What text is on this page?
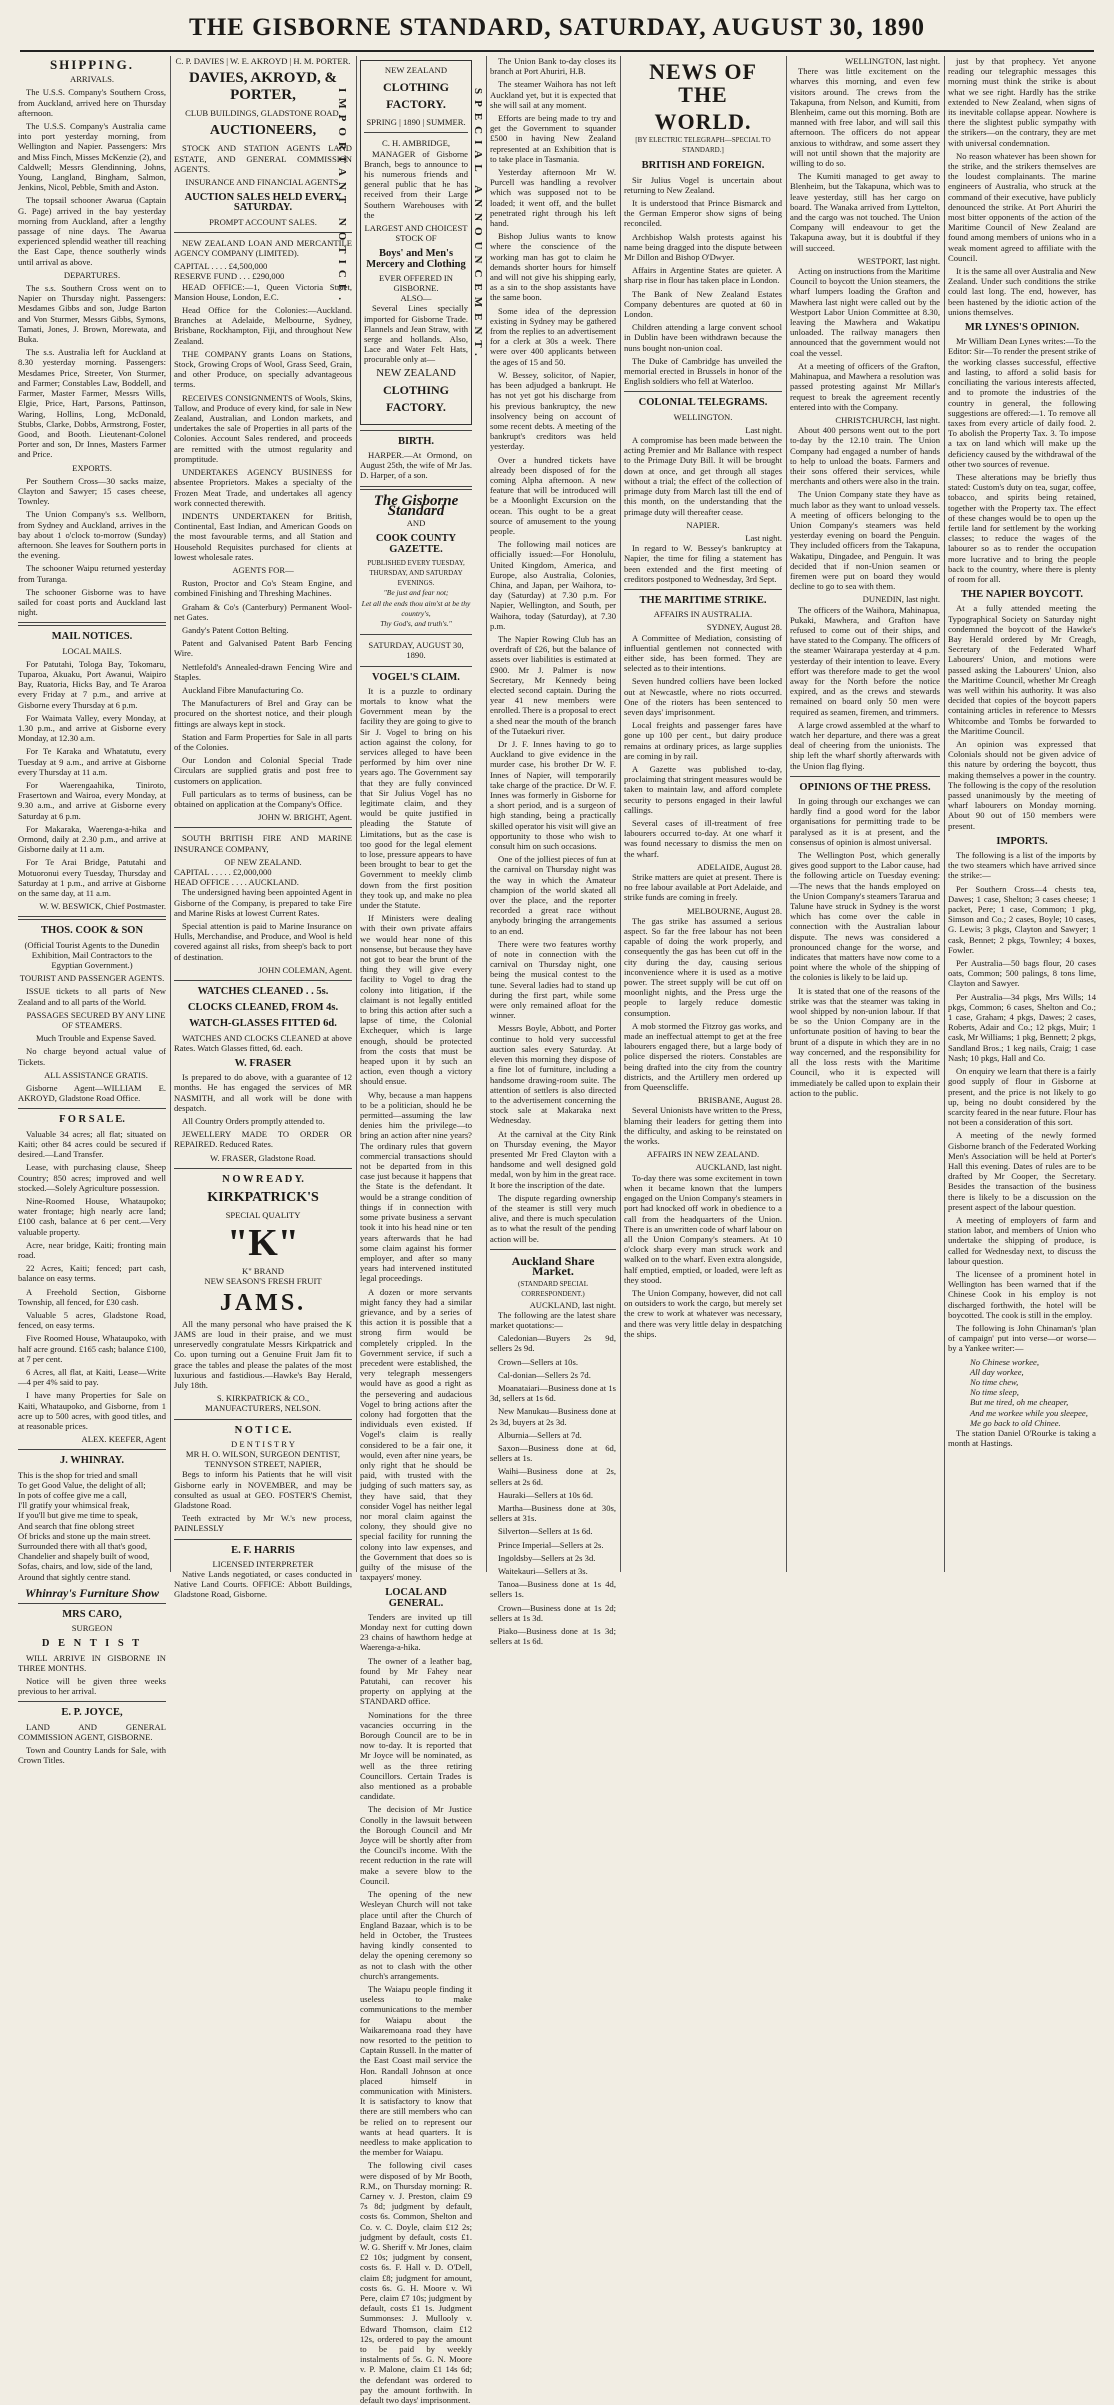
THE GISBORNE STANDARD, SATURDAY, AUGUST 30, 1890
SHIPPING.
ARRIVALS.

The U.S.S. Company's Southern Cross, from Auckland, arrived here on Thursday afternoon.

The U.S.S. Company's Australia came into port yesterday morning, from Wellington and Napier. Passengers: Mrs and Miss Finch, Misses McKenzie (2), and Caldwell; Messrs Glendinning, Johns, Young, Langland, Bingham, Salmon, Jenkins, Nicol, Pebble, Smith and Aston.

The topsail schooner Awarua (Captain G. Page) arrived in the bay yesterday morning from Auckland, after a lengthy passage of nine days. The Awarua experienced splendid weather till reaching the East Cape, thence southerly winds until arrival as above.

DEPARTURES.

The s.s. Southern Cross went on to Napier on Thursday night. Passengers: Mesdames Gibbs and son, Judge Barton and Von Sturmer, Messrs Gibbs, Symons, Tamati, Jones, J. Brown, Morewata, and Buka.

The s.s. Australia left for Auckland at 8.30 yesterday morning. Passengers: Mesdames Price, Streeter, Von Sturmer, and Farmer; Constables Law, Boddell, and Farmer, Master Farmer, Messrs Wills, Elgie, Price, Hart, Parsons, Pattinson, Waring, Hollins, Long, McDonald, Stubbs, Clarke, Dobbs, Armstrong, Foster, Good, and Booth. Lieutenant-Colonel Porter and son, Dr Innes, Masters Farmer and Price.

EXPORTS.

Per Southern Cross—30 sacks maize, Clayton and Sawyer; 15 cases cheese, Townley.

The Union Company's s.s. Wellborn, from Sydney and Auckland, arrives in the bay about 1 o'clock to-morrow (Sunday) afternoon. She leaves for Southern ports in the evening.

The schooner Waipu returned yesterday from Turanga.

The schooner Gisborne was to have sailed for coast ports and Auckland last night.

MAIL NOTICES.
LOCAL MAILS.

For Patutahi, Tologa Bay, Tokomaru, Tuparoa, Akuaku, Port Awanui, Waipiro Bay, Ruatoria, Hicks Bay, and Te Araroa every Friday at 7 p.m., and arrive at Gisborne every Thursday at 6 p.m.

For Waimata Valley, every Monday, at 1.30 p.m., and arrive at Gisborne every Monday, at 12.30 a.m.

For Te Karaka and Whatatutu, every Tuesday at 9 a.m., and arrive at Gisborne every Thursday at 11 a.m.

For Waerengaahika, Tiniroto, Frasertown and Wairoa, every Monday, at 9.30 a.m., and arrive at Gisborne every Saturday at 6 p.m.

For Makaraka, Waerenga-a-hika and Ormond, daily at 2.30 p.m., and arrive at Gisborne daily at 11 a.m.

For Te Arai Bridge, Patutahi and Motuoronui every Tuesday, Thursday and Saturday at 1 p.m., and arrive at Gisborne on the same day, at 11 a.m.

W. W. BESWICK, Chief Postmaster.
THOS. COOK & SON
(Official Tourist Agents to the Dunedin Exhibition, Mail Contractors to the Egyptian Government.)
TOURIST AND PASSENGER AGENTS.

ISSUE tickets to all parts of New Zealand and to all parts of the World.

PASSAGES SECURED BY ANY LINE OF STEAMERS.

Much Trouble and Expense Saved.

No charge beyond actual value of Tickets.

ALL ASSISTANCE GRATIS.

Gisborne Agent—WILLIAM E. AKROYD, Gladstone Road Office.

F O R S A L E.

Valuable 34 acres; all flat; situated on Kaiti; other 84 acres could be secured if desired.—Land Transfer.

Lease, with purchasing clause, Sheep Country; 850 acres; improved and well stocked.—Solely Agriculture possession.

Nine-Roomed House, Whataupoko; water frontage; high nearly acre land; £100 cash, balance at 6 per cent.—Very valuable property.

Acre, near bridge, Kaiti; fronting main road.

22 Acres, Kaiti; fenced; part cash, balance on easy terms.

A Freehold Section, Gisborne Township, all fenced, for £30 cash.

Valuable 5 acres, Gladstone Road, fenced, on easy terms.

Five Roomed House, Whataupoko, with half acre ground. £165 cash; balance £100, at 7 per cent.

6 Acres, all flat, at Kaiti, Lease—Write—4 per 4% said to pay.

I have many Properties for Sale on Kaiti, Whataupoko, and Gisborne, from 1 acre up to 500 acres, with good titles, and at reasonable prices.

ALEX. KEEFER, Agent
J. WHINRAY.
This is the shop for tried and small
To get Good Value, the delight of all;
In pots of coffee give me a call,
I'll gratify your whimsical freak,
If you'll but give me time to speak,
And search that fine oblong street
Of bricks and stone up the main street.
Surrounded there with all that's good,
Chandelier and shapely built of wood,
Sofas, chairs, and low, side of the land,
Around that sightly centre stand.
Whinray's Furniture Show
MRS CARO,
SURGEON
D E N T I S T

WILL ARRIVE IN GISBORNE IN THREE MONTHS.

Notice will be given three weeks previous to her arrival.

E. P. JOYCE,

LAND AND GENERAL COMMISSION AGENT, GISBORNE.

Town and Country Lands for Sale, with Crown Titles.

C. P. DAVIES | W. E. AKROYD | H. M. PORTER.
DAVIES, AKROYD, & PORTER,
CLUB BUILDINGS, GLADSTONE ROAD,
AUCTIONEERS,

STOCK AND STATION AGENTS LAND ESTATE, AND GENERAL COMMISSION AGENTS.

INSURANCE AND FINANCIAL AGENTS.
AUCTION SALES HELD EVERY SATURDAY.
PROMPT ACCOUNT SALES.

NEW ZEALAND LOAN AND MERCANTILE AGENCY COMPANY (LIMITED).

CAPITAL . . . . £4,500,000
RESERVE FUND . . . £290,000

HEAD OFFICE:—1, Queen Victoria Street, Mansion House, London, E.C.

Head Office for the Colonies:—Auckland. Branches at Adelaide, Melbourne, Sydney, Brisbane, Rockhampton, Fiji, and throughout New Zealand.

THE COMPANY grants Loans on Stations, Stock, Growing Crops of Wool, Grass Seed, Grain, and other Produce, on specially advantageous terms.

RECEIVES CONSIGNMENTS of Wools, Skins, Tallow, and Produce of every kind, for sale in New Zealand, Australian, and London markets, and undertakes the sale of Properties in all parts of the Colonies. Account Sales rendered, and proceeds are remitted with the utmost regularity and promptitude.

UNDERTAKES AGENCY BUSINESS for absentee Proprietors. Makes a specialty of the Frozen Meat Trade, and undertakes all agency work connected therewith.

INDENTS UNDERTAKEN for British, Continental, East Indian, and American Goods on the most favourable terms, and all Station and Household Requisites purchased for clients at lowest wholesale rates.

AGENTS FOR—

Ruston, Proctor and Co's Steam Engine, and combined Finishing and Threshing Machines.

Graham & Co's (Canterbury) Permanent Wool-net Gates.

Gandy's Patent Cotton Belting.

Patent and Galvanised Patent Barb Fencing Wire.

Nettlefold's Annealed-drawn Fencing Wire and Staples.

Auckland Fibre Manufacturing Co.

The Manufacturers of Brel and Gray can be procured on the shortest notice, and their plough fittings are always kept in stock.

Station and Farm Properties for Sale in all parts of the Colonies.

Our London and Colonial Special Trade Circulars are supplied gratis and post free to customers on application.

Full particulars as to terms of business, can be obtained on application at the Company's Office.

JOHN W. BRIGHT, Agent.

SOUTH BRITISH FIRE AND MARINE INSURANCE COMPANY,

OF NEW ZEALAND.
CAPITAL . . . . . £2,000,000
HEAD OFFICE . . . . AUCKLAND.

The undersigned having been appointed Agent in Gisborne of the Company, is prepared to take Fire and Marine Risks at lowest Current Rates.

Special attention is paid to Marine Insurance on Hulls, Merchandise, and Produce, and Wool is held covered against all risks, from sheep's back to port of destination.

JOHN COLEMAN, Agent.
WATCHES CLEANED . . 5s.
CLOCKS CLEANED, FROM 4s.
WATCH-GLASSES FITTED 6d.

WATCHES AND CLOCKS CLEANED at above Rates. Watch Glasses fitted, 6d. each.

W. FRASER

Is prepared to do above, with a guarantee of 12 months. He has engaged the services of MR NASMITH, and all work will be done with despatch.

All Country Orders promptly attended to.

JEWELLERY MADE TO ORDER OR REPAIRED. Reduced Rates.

W. FRASER, Gladstone Road.
N O W R E A D Y.
KIRKPATRICK'S
SPECIAL QUALITY
"K"
K" BRAND
NEW SEASON'S FRESH FRUIT
JAMS.

All the many personal who have praised the K JAMS are loud in their praise, and we must unreservedly congratulate Messrs Kirkpatrick and Co. upon turning out a Genuine Fruit Jam fit to grace the tables and please the palates of the most luxurious and fastidious.—Hawke's Bay Herald, July 18th.

S. KIRKPATRICK & CO.,
MANUFACTURERS, NELSON.
N O T I C E.
D E N T I S T R Y
MR H. O. WILSON, SURGEON DENTIST,
TENNYSON STREET, NAPIER,

Begs to inform his Patients that he will visit Gisborne early in NOVEMBER, and may be consulted as usual at GEO. FOSTER'S Chemist, Gladstone Road.

Teeth extracted by Mr W.'s new process, PAINLESSLY

E. F. HARRIS
LICENSED INTERPRETER

Native Lands negotiated, or cases conducted in Native Land Courts. OFFICE: Abbott Buildings, Gladstone Road, Gisborne.

NEW ZEALAND
CLOTHING FACTORY.
SPRING | 1890 | SUMMER.
C. H. AMBRIDGE,

MANAGER of Gisborne Branch, begs to announce to his numerous friends and general public that he has received from their Large Southern Warehouses with the

LARGEST AND CHOICEST STOCK OF
Boys' and Men's Mercery and Clothing
EVER OFFERED IN GISBORNE.
ALSO—

Several Lines specially imported for Gisborne Trade. Flannels and Jean Straw, with serge and hollands. Also, Lace and Water Felt Hats, procurable only at—

NEW ZEALAND
CLOTHING FACTORY.
BIRTH.

HARPER.—At Ormond, on August 25th, the wife of Mr Jas. D. Harper, of a son.

The Gisborne Standard
AND
COOK COUNTY GAZETTE.
PUBLISHED EVERY TUESDAY, THURSDAY, AND SATURDAY EVENINGS.
"Be just and fear not;
Let all the ends thou aim'st at be thy country's,
Thy God's, and truth's."
SATURDAY, AUGUST 30, 1890.
VOGEL'S CLAIM.

It is a puzzle to ordinary mortals to know what the Government mean by the facility they are going to give to Sir J. Vogel to bring on his action against the colony, for services alleged to have been performed by him over nine years ago. The Government say that they are fully convinced that Sir Julius Vogel has no legitimate claim, and they would be quite justified in pleading the Statute of Limitations, but as the case is too good for the legal element to lose, pressure appears to have been brought to bear to get the Government to meekly climb down from the first position they took up, and make no plea under the Statute.

If Ministers were dealing with their own private affairs we would hear none of this nonsense, but because they have not got to bear the brunt of the thing they will give every facility to Vogel to drag the colony into litigation, if the claimant is not legally entitled to bring this action after such a lapse of time, the Colonial Exchequer, which is large enough, should be protected from the costs that must be heaped upon it by such an action, even though a victory should ensue.

Why, because a man happens to be a politician, should he be permitted—assuming the law denies him the privilege—to bring an action after nine years? The ordinary rules that govern commercial transactions should not be departed from in this case just because it happens that the State is the defendant. It would be a strange condition of things if in connection with some private business a servant took it into his head nine or ten years afterwards that he had some claim against his former employer, and after so many years had intervened instituted legal proceedings.

A dozen or more servants might fancy they had a similar grievance, and by a series of this action it is possible that a strong firm would be completely crippled. In the Government service, if such a precedent were established, the very telegraph messengers would have as good a right as the persevering and audacious Vogel to bring actions after the colony had forgotten that the individuals even existed. If Vogel's claim is really considered to be a fair one, it would, even after nine years, be only right that he should be paid, with trusted with the judging of such matters say, as they have said, that they consider Vogel has neither legal nor moral claim against the colony, they should give no special facility for running the colony into law expenses, and the Government that does so is guilty of the misuse of the taxpayers' money.

LOCAL AND GENERAL.

Tenders are invited up till Monday next for cutting down 23 chains of hawthorn hedge at Waerenga-a-hika.

The owner of a leather bag, found by Mr Fahey near Patutahi, can recover his property on applying at the STANDARD office.

Nominations for the three vacancies occurring in the Borough Council are to be in now to-day. It is reported that Mr Joyce will be nominated, as well as the three retiring Councillors. Certain Trades is also mentioned as a probable candidate.

The decision of Mr Justice Conolly in the lawsuit between the Borough Council and Mr Joyce will be shortly after from the Council's income. With the recent reduction in the rate will make a severe blow to the Council.

The opening of the new Wesleyan Church will not take place until after the Church of England Bazaar, which is to be held in October, the Trustees having kindly consented to delay the opening ceremony so as not to clash with the other church's arrangements.

The Waiapu people finding it useless to make communications to the member for Waiapu about the Waikaremoana road they have now resorted to the petition to Captain Russell. In the matter of the East Coast mail service the Hon. Randall Johnson at once placed himself in communication with Ministers. It is satisfactory to know that there are still members who can be relied on to represent our wants at head quarters. It is needless to make application to the member for Waiapu.

The following civil cases were disposed of by Mr Booth, R.M., on Thursday morning: R. Carney v. J. Preston, claim £9 7s 8d; judgment by default, costs 6s. Common, Shelton and Co. v. C. Doyle, claim £12 2s; judgment by default, costs £1. W. G. Sheriff v. Mr Jones, claim £2 10s; judgment by consent, costs 6s. F. Hall v. D. O'Dell, claim £8; judgment for amount, costs 6s. G. H. Moore v. Wi Pere, claim £7 10s; judgment by default, costs £1 1s. Judgment Summonses: J. Mullooly v. Edward Thomson, claim £12 12s, ordered to pay the amount to be paid by weekly instalments of 5s. G. N. Moore v. P. Malone, claim £1 14s 6d; the defendant was ordered to pay the amount forthwith. In default two days' imprisonment.

SPECIAL ANNOUNCEMENT.
IMPORTANT NOTICE.

The Union Bank to-day closes its branch at Port Ahuriri, H.B.

The steamer Waihora has not left Auckland yet, but it is expected that she will sail at any moment.

Efforts are being made to try and get the Government to squander £500 in having New Zealand represented at an Exhibition that is to take place in Tasmania.

Yesterday afternoon Mr W. Purcell was handling a revolver which was supposed not to be loaded; it went off, and the bullet penetrated right through his left hand.

Bishop Julius wants to know where the conscience of the working man has got to claim he demands shorter hours for himself and will not give his shipping early, as a sin to the shop assistants have the same boon.

Some idea of the depression existing in Sydney may be gathered from the replies to an advertisement for a clerk at 30s a week. There were over 400 applicants between the ages of 15 and 50.

W. Bessey, solicitor, of Napier, has been adjudged a bankrupt. He has not yet got his discharge from his previous bankruptcy, the new insolvency being on account of some recent debts. A meeting of the bankrupt's creditors was held yesterday.

Over a hundred tickets have already been disposed of for the coming Alpha afternoon. A new feature that will be introduced will be a Moonlight Excursion on the ocean. This ought to be a great source of amusement to the young people.

The following mail notices are officially issued:—For Honolulu, United Kingdom, America, and Europe, also Australia, Colonies, China, and Japan, per Waihora, to-day (Saturday) at 7.30 p.m. For Napier, Wellington, and South, per Waihora, today (Saturday), at 7.30 p.m.

The Napier Rowing Club has an overdraft of £26, but the balance of assets over liabilities is estimated at £900. Mr J. Palmer is now Secretary, Mr Kennedy being elected second captain. During the year 41 new members were enrolled. There is a proposal to erect a shed near the mouth of the branch of the Tutaekuri river.

Dr J. F. Innes having to go to Auckland to give evidence in the murder case, his brother Dr W. F. Innes of Napier, will temporarily take charge of the practice. Dr W. F. Innes was formerly in Gisborne for a short period, and is a surgeon of high standing, being a practically skilled operator his visit will give an opportunity to those who wish to consult him on such occasions.

One of the jolliest pieces of fun at the carnival on Thursday night was the way in which the Amateur champion of the world skated all over the place, and the reporter recorded a great race without anybody bringing the arrangements to an end.

There were two features worthy of note in connection with the carnival on Thursday night, one being the musical contest to the tune. Several ladies had to stand up during the first part, while some were only remained afloat for the winner.

Messrs Boyle, Abbott, and Porter continue to hold very successful auction sales every Saturday. At eleven this morning they dispose of a fine lot of furniture, including a handsome drawing-room suite. The attention of settlers is also directed to the advertisement concerning the stock sale at Makaraka next Wednesday.

At the carnival at the City Rink on Thursday evening, the Mayor presented Mr Fred Clayton with a handsome and well designed gold medal, won by him in the great race. It bore the inscription of the date.

The dispute regarding ownership of the steamer is still very much alive, and there is much speculation as to what the result of the pending action will be.

Auckland Share Market.
(STANDARD SPECIAL CORRESPONDENT.)
AUCKLAND, last night.

The following are the latest share market quotations:—

Caledonian—Buyers 2s 9d, sellers 2s 9d.

Crown—Sellers at 10s.

Cal-donian—Sellers 2s 7d.

Moanataiari—Business done at 1s 3d, sellers at 1s 6d.

New Manukau—Business done at 2s 3d, buyers at 2s 3d.

Alburnia—Sellers at 7d.

Saxon—Business done at 6d, sellers at 1s.

Waihi—Business done at 2s, sellers at 2s 6d.

Hauraki—Sellers at 10s 6d.

Martha—Business done at 30s, sellers at 31s.

Silverton—Sellers at 1s 6d.

Prince Imperial—Sellers at 2s.

Ingoldsby—Sellers at 2s 3d.

Waitekauri—Sellers at 3s.

Tanoa—Business done at 1s 4d, sellers 1s.

Crown—Business done at 1s 2d; sellers at 1s 3d.

Piako—Business done at 1s 3d; sellers at 1s 6d.

NEWS OF THE
WORLD.
[BY ELECTRIC TELEGRAPH—SPECIAL TO STANDARD.]
BRITISH AND FOREIGN.

Sir Julius Vogel is uncertain about returning to New Zealand.

It is understood that Prince Bismarck and the German Emperor show signs of being reconciled.

Archbishop Walsh protests against his name being dragged into the dispute between Mr Dillon and Bishop O'Dwyer.

Affairs in Argentine States are quieter. A sharp rise in flour has taken place in London.

The Bank of New Zealand Estates Company debentures are quoted at 60 in London.

Children attending a large convent school in Dublin have been withdrawn because the nuns bought non-union coal.

The Duke of Cambridge has unveiled the memorial erected in Brussels in honor of the English soldiers who fell at Waterloo.

COLONIAL TELEGRAMS.
WELLINGTON.
Last night.

A compromise has been made between the acting Premier and Mr Ballance with respect to the Primage Duty Bill. It will be brought down at once, and get through all stages without a trial; the effect of the collection of primage duty from March last till the end of this month, on the understanding that the primage duty will thereafter cease.

NAPIER.
Last night.

In regard to W. Bessey's bankruptcy at Napier, the time for filing a statement has been extended and the first meeting of creditors postponed to Wednesday, 3rd Sept.

THE MARITIME STRIKE.
AFFAIRS IN AUSTRALIA.
SYDNEY, August 28.

A Committee of Mediation, consisting of influential gentlemen not connected with either side, has been formed. They are selected as to their intentions.

Seven hundred colliers have been locked out at Newcastle, where no riots occurred. One of the rioters has been sentenced to seven days' imprisonment.

Local freights and passenger fares have gone up 100 per cent., but dairy produce remains at ordinary prices, as large supplies are coming in by rail.

A Gazette was published to-day, proclaiming that stringent measures would be taken to maintain law, and afford complete security to persons engaged in their lawful callings.

Several cases of ill-treatment of free labourers occurred to-day. At one wharf it was found necessary to dismiss the men on the wharf.

ADELAIDE, August 28.

Strike matters are quiet at present. There is no free labour available at Port Adelaide, and strike funds are coming in freely.

MELBOURNE, August 28.

The gas strike has assumed a serious aspect. So far the free labour has not been capable of doing the work properly, and consequently the gas has been cut off in the city during the day, causing serious inconvenience where it is used as a motive power. The street supply will be cut off on moonlight nights, and the Press urge the people to largely reduce domestic consumption.

A mob stormed the Fitzroy gas works, and made an ineffectual attempt to get at the free labourers engaged there, but a large body of police dispersed the rioters. Constables are being drafted into the city from the country districts, and the Artillery men ordered up from Queenscliffe.

BRISBANE, August 28.

Several Unionists have written to the Press, blaming their leaders for getting them into the difficulty, and asking to be reinstated on the works.

AFFAIRS IN NEW ZEALAND.
AUCKLAND, last night.

To-day there was some excitement in town when it became known that the lumpers engaged on the Union Company's steamers in port had knocked off work in obedience to a call from the headquarters of the Union. There is an unwritten code of wharf labour on all the Union Company's steamers. At 10 o'clock sharp every man struck work and walked on to the wharf. Even extra alongside, half emptied, emptied, or loaded, were left as they stood.

The Union Company, however, did not call on outsiders to work the cargo, but merely set the crew to work at whatever was necessary, and there was very little delay in despatching the ships.

WELLINGTON, last night.

There was little excitement on the wharves this morning, and even few visitors around. The crews from the Takapuna, from Nelson, and Kumiti, from Blenheim, came out this morning. Both are manned with free labor, and will sail this afternoon. The officers do not appear anxious to withdraw, and some assert they will not until shown that the majority are willing to do so.

The Kumiti managed to get away to Blenheim, but the Takapuna, which was to leave yesterday, still has her cargo on board. The Wanaka arrived from Lyttelton, and the cargo was not touched. The Union Company will endeavour to get the Takapuna away, but it is doubtful if they will succeed.

WESTPORT, last night.

Acting on instructions from the Maritime Council to boycott the Union steamers, the wharf lumpers loading the Grafton and Mawhera last night were called out by the Westport Labor Union Committee at 8.30, leaving the Mawhera and Wakatipu unloaded. The railway managers then announced that the government would not coal the vessel.

At a meeting of officers of the Grafton, Mahinapua, and Mawhera a resolution was passed protesting against Mr Millar's request to break the agreement recently entered into with the Company.

CHRISTCHURCH, last night.

About 400 persons went out to the port to-day by the 12.10 train. The Union Company had engaged a number of hands to help to unload the boats. Farmers and their sons offered their services, while merchants and others were also in the train.

The Union Company state they have as much labor as they want to unload vessels. A meeting of officers belonging to the Union Company's steamers was held yesterday evening on board the Penguin. They included officers from the Takapuna, Wakatipu, Dingadee, and Penguin. It was decided that if non-Union seamen or firemen were put on board they would decline to go to sea with them.

DUNEDIN, last night.

The officers of the Waihora, Mahinapua, Pukaki, Mawhera, and Grafton have refused to come out of their ships, and have stated to the Company. The officers of the steamer Wairarapa yesterday at 4 p.m. yesterday of their intention to leave. Every effort was therefore made to get the wool away for the North before the notice expired, and as the crews and stewards remained on board only 50 men were required as seamen, firemen, and trimmers.

A large crowd assembled at the wharf to watch her departure, and there was a great deal of cheering from the unionists. The ship left the wharf shortly afterwards with the Union flag flying.

OPINIONS OF THE PRESS.

In going through our exchanges we can hardly find a good word for the labor organisations for permitting trade to be paralysed as it is at present, and the consensus of opinion is almost universal.

The Wellington Post, which generally gives good support to the Labor cause, had the following article on Tuesday evening:—The news that the hands employed on the Union Company's steamers Tararua and Talune have struck in Sydney is the worst which has come over the cable in connection with the Australian labour dispute. The news was considered a pronounced change for the worse, and indicates that matters have now come to a point where the whole of the shipping of the colonies is likely to be laid up.

It is stated that one of the reasons of the strike was that the steamer was taking in wool shipped by non-union labour. If that be so the Union Company are in the unfortunate position of having to bear the brunt of a dispute in which they are in no way concerned, and the responsibility for all the loss rests with the Maritime Council, who it is expected will immediately be called upon to explain their action to the public.

just by that prophecy. Yet anyone reading our telegraphic messages this morning must think the strike is about what we see right. Hardly has the strike extended to New Zealand, when signs of its inevitable collapse appear. Nowhere is there the slightest public sympathy with the strikers—on the contrary, they are met with universal condemnation.

No reason whatever has been shown for the strike, and the strikers themselves are the loudest complainants. The marine engineers of Australia, who struck at the command of their executive, have publicly denounced the strike. At Port Ahuriri the most bitter opponents of the action of the Maritime Council of New Zealand are found among members of unions who in a weak moment agreed to affiliate with the Council.

It is the same all over Australia and New Zealand. Under such conditions the strike could last long. The end, however, has been hastened by the idiotic action of the unions themselves.

MR LYNES'S OPINION.

Mr William Dean Lynes writes:—To the Editor: Sir—To render the present strike of the working classes successful, effective and lasting, to afford a solid basis for conciliating the various interests affected, and to promote the industries of the country in general, the following suggestions are offered:—1. To remove all taxes from every article of daily food. 2. To abolish the Property Tax. 3. To impose a tax on land which will make up the deficiency caused by the withdrawal of the other two sources of revenue.

These alterations may be briefly thus stated: Custom's duty on tea, sugar, coffee, tobacco, and spirits being retained, together with the Property tax. The effect of these changes would be to open up the fertile land for settlement by the working classes; to reduce the wages of the labourer so as to render the occupation more lucrative and to bring the people back to the country, where there is plenty of room for all.

THE NAPIER BOYCOTT.

At a fully attended meeting the Typographical Society on Saturday night condemned the boycott of the Hawke's Bay Herald ordered by Mr Creagh, Secretary of the Federated Wharf Labourers' Union, and motions were passed asking the Labourers' Union, also the Maritime Council, whether Mr Creagh was well within his authority. It was also decided that copies of the boycott papers containing articles in reference to Messrs Whitcombe and Tombs be forwarded to the Maritime Council.

An opinion was expressed that Colonials should not be given advice of this nature by ordering the boycott, thus making themselves a power in the country. The following is the copy of the resolution passed unanimously by the meeting of wharf labourers on Monday morning. About 90 out of 150 members were present.

IMPORTS.

The following is a list of the imports by the two steamers which have arrived since the strike:—

Per Southern Cross—4 chests tea, Dawes; 1 case, Shelton; 3 cases cheese; 1 packet, Pere; 1 case, Common; 1 pkg, Simson and Co.; 2 cases, Boyle; 10 cases, G. Lewis; 3 pkgs, Clayton and Sawyer; 1 cask, Bennet; 2 pkgs, Townley; 4 boxes, Fowler.

Per Australia—50 bags flour, 20 cases oats, Common; 500 palings, 8 tons lime, Clayton and Sawyer.

Per Australia—34 pkgs, Mrs Wills; 14 pkgs, Common; 6 cases, Shelton and Co.; 1 case, Graham; 4 pkgs, Dawes; 2 cases, Roberts, Adair and Co.; 12 pkgs, Muir; 1 cask, Mr Williams; 1 pkg, Bennett; 2 pkgs, Sandland Bros.; 1 keg nails, Craig; 1 case Nash; 10 pkgs, Hall and Co.

On enquiry we learn that there is a fairly good supply of flour in Gisborne at present, and the price is not likely to go up, being no doubt considered by the scarcity feared in the near future. Flour has not been a consideration of this sort.

A meeting of the newly formed Gisborne branch of the Federated Working Men's Association will be held at Porter's Hall this evening. Dates of rules are to be drafted by Mr Cooper, the Secretary. Besides the transaction of the business there is likely to be a discussion on the present aspect of the labour question.

A meeting of employers of farm and station labor, and members of Union who undertake the shipping of produce, is called for Wednesday next, to discuss the labour question.

The licensee of a prominent hotel in Wellington has been warned that if the Chinese Cook in his employ is not discharged forthwith, the hotel will be boycotted. The cook is still in the employ.

The following is John Chinaman's 'plan of campaign' put into verse—or worse—by a Yankee writer:—

No Chinese workee,
All day workee,
No time chew,
No time sleep,
But me tired, oh me cheaper,
And me workee while you sleepee,
Me go back to old Chinee.

The station Daniel O'Rourke is taking a month at Hastings.
